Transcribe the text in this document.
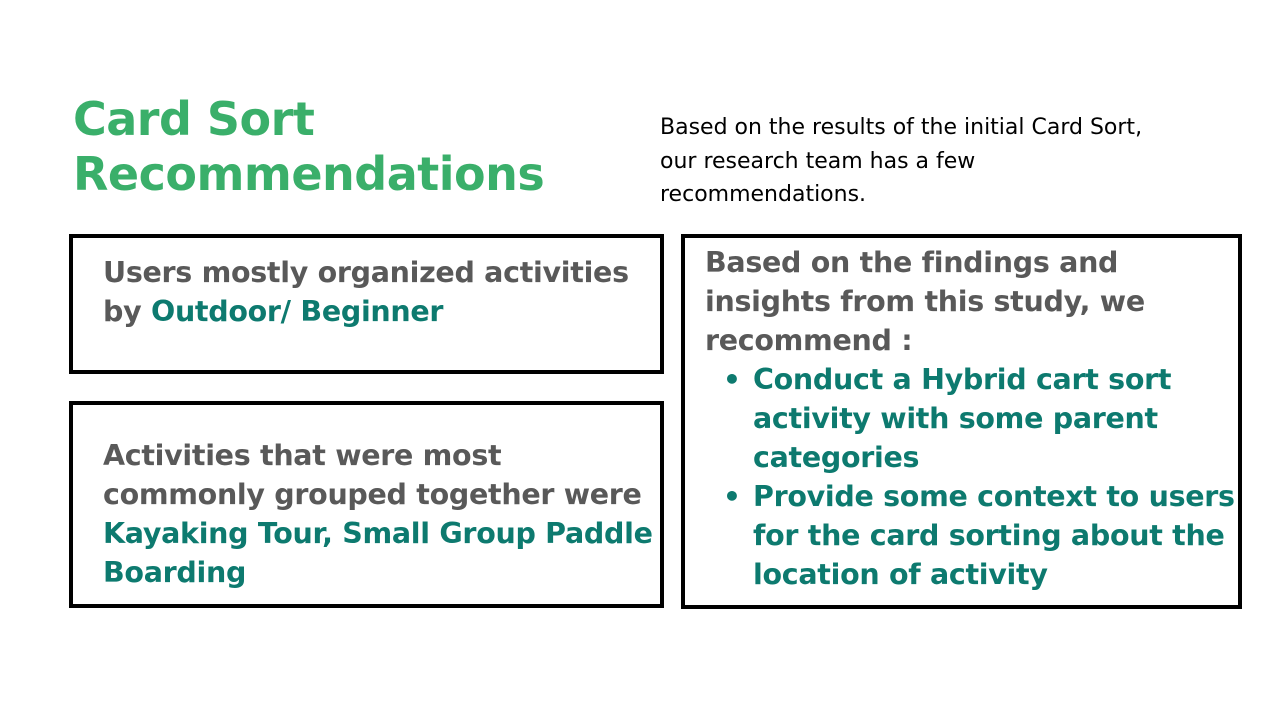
Card Sort
Recommendations

Based on the results of the initial Card Sort, our research team has a few recommendations.

Users mostly organized activities by Outdoor/ Beginner

Activities that were most commonly grouped together were Kayaking Tour, Small Group Paddle Boarding

Based on the findings and insights from this study, we recommend :

• Conduct a Hybrid cart sort activity with some parent categories
• Provide some context to users for the card sorting about the location of activity
